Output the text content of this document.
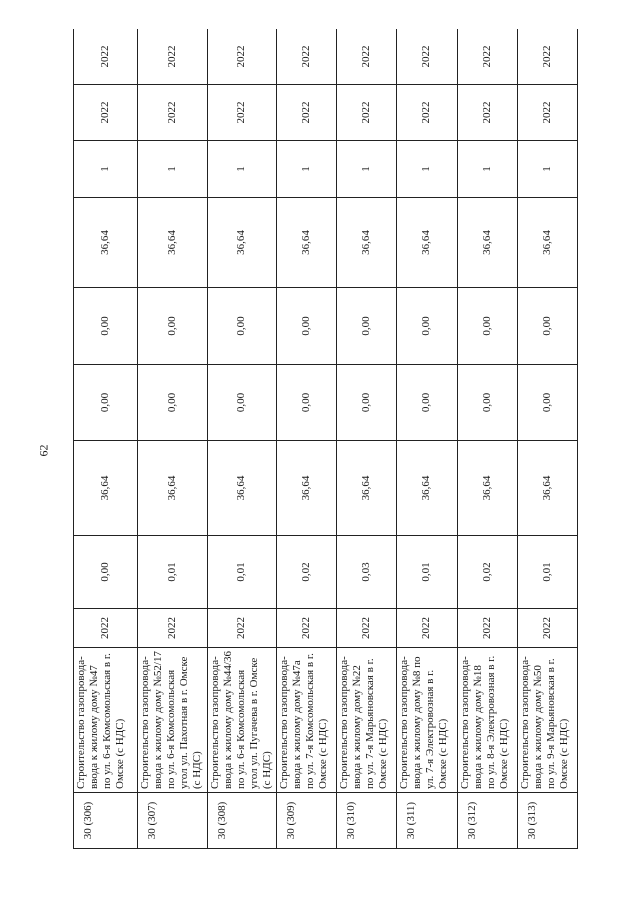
62
30 (306)	Строительство газопровода-ввода к жилому дому №47 по ул. 6-я Комсомольская в г. Омске (с НДС)	2022	0,00	36,64	0,00	0,00	36,64	1	2022	2022
30 (307)	Строительство газопровода-ввода к жилому дому №52/17 по ул. 6-я Комсомольская угол ул. Пахотная в г. Омске (с НДС)	2022	0,01	36,64	0,00	0,00	36,64	1	2022	2022
30 (308)	Строительство газопровода-ввода к жилому дому №44/36 по ул. 6-я Комсомольская угол ул. Пугачева в г. Омске (с НДС)	2022	0,01	36,64	0,00	0,00	36,64	1	2022	2022
30 (309)	Строительство газопровода-ввода к жилому дому №47а по ул. 7-я Комсомольская в г. Омске (с НДС)	2022	0,02	36,64	0,00	0,00	36,64	1	2022	2022
30 (310)	Строительство газопровода-ввода к жилому дому №22 по ул. 7-я Марьяновская в г. Омске (с НДС)	2022	0,03	36,64	0,00	0,00	36,64	1	2022	2022
30 (311)	Строительство газопровода-ввода к жилому дому №8 по ул. 7-я Электровозная в г. Омске (с НДС)	2022	0,01	36,64	0,00	0,00	36,64	1	2022	2022
30 (312)	Строительство газопровода-ввода к жилому дому №18 по ул. 8-я Электровозная в г. Омске (с НДС)	2022	0,02	36,64	0,00	0,00	36,64	1	2022	2022
30 (313)	Строительство газопровода-ввода к жилому дому №50 по ул. 9-я Марьяновская в г. Омске (с НДС)	2022	0,01	36,64	0,00	0,00	36,64	1	2022	2022
